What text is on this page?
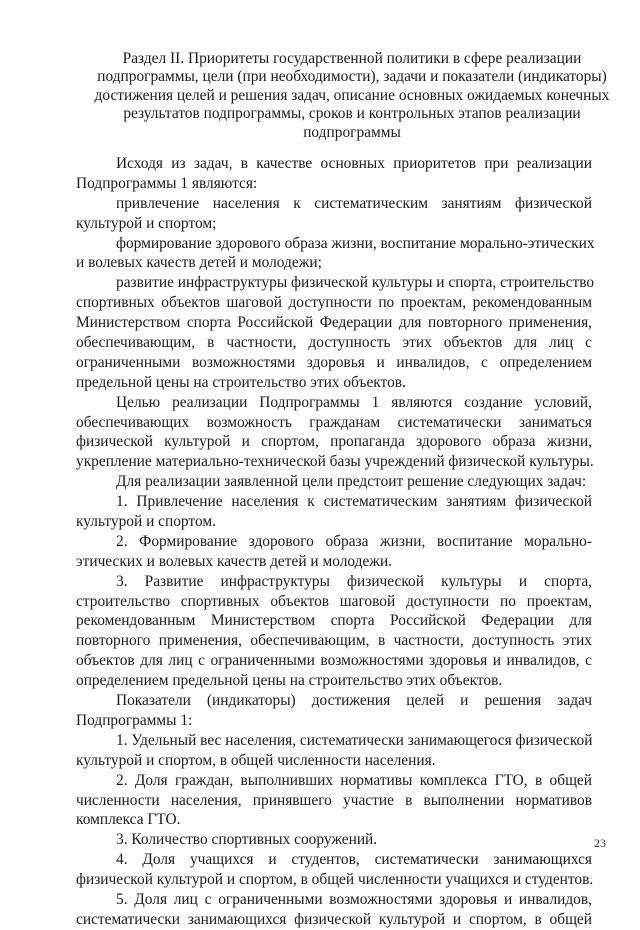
Раздел II. Приоритеты государственной политики в сфере реализации
подпрограммы, цели (при необходимости), задачи и показатели (индикаторы)
достижения целей и решения задач, описание основных ожидаемых конечных
результатов подпрограммы, сроков и контрольных этапов реализации
подпрограммы
Исходя из задач, в качестве основных приоритетов при реализации
Подпрограммы 1 являются:
привлечение населения к систематическим занятиям физической
культурой и спортом;
формирование здорового образа жизни, воспитание морально-этических
и волевых качеств детей и молодежи;
развитие инфраструктуры физической культуры и спорта, строительство
спортивных объектов шаговой доступности по проектам, рекомендованным
Министерством спорта Российской Федерации для повторного применения,
обеспечивающим, в частности, доступность этих объектов для лиц с
ограниченными возможностями здоровья и инвалидов, с определением
предельной цены на строительство этих объектов.
Целью реализации Подпрограммы 1 являются создание условий,
обеспечивающих возможность гражданам систематически заниматься
физической культурой и спортом, пропаганда здорового образа жизни,
укрепление материально-технической базы учреждений физической культуры.
Для реализации заявленной цели предстоит решение следующих задач:
1. Привлечение населения к систематическим занятиям физической
культурой и спортом.
2. Формирование здорового образа жизни, воспитание морально-
этических и волевых качеств детей и молодежи.
3. Развитие инфраструктуры физической культуры и спорта,
строительство спортивных объектов шаговой доступности по проектам,
рекомендованным Министерством спорта Российской Федерации для
повторного применения, обеспечивающим, в частности, доступность этих
объектов для лиц с ограниченными возможностями здоровья и инвалидов, с
определением предельной цены на строительство этих объектов.
Показатели (индикаторы) достижения целей и решения задач
Подпрограммы 1:
1. Удельный вес населения, систематически занимающегося физической
культурой и спортом, в общей численности населения.
2. Доля граждан, выполнивших нормативы комплекса ГТО, в общей
численности населения, принявшего участие в выполнении нормативов
комплекса ГТО.
3. Количество спортивных сооружений.
4. Доля учащихся и студентов, систематически занимающихся
физической культурой и спортом, в общей численности учащихся и студентов.
5. Доля лиц с ограниченными возможностями здоровья и инвалидов,
систематически занимающихся физической культурой и спортом, в общей
23
